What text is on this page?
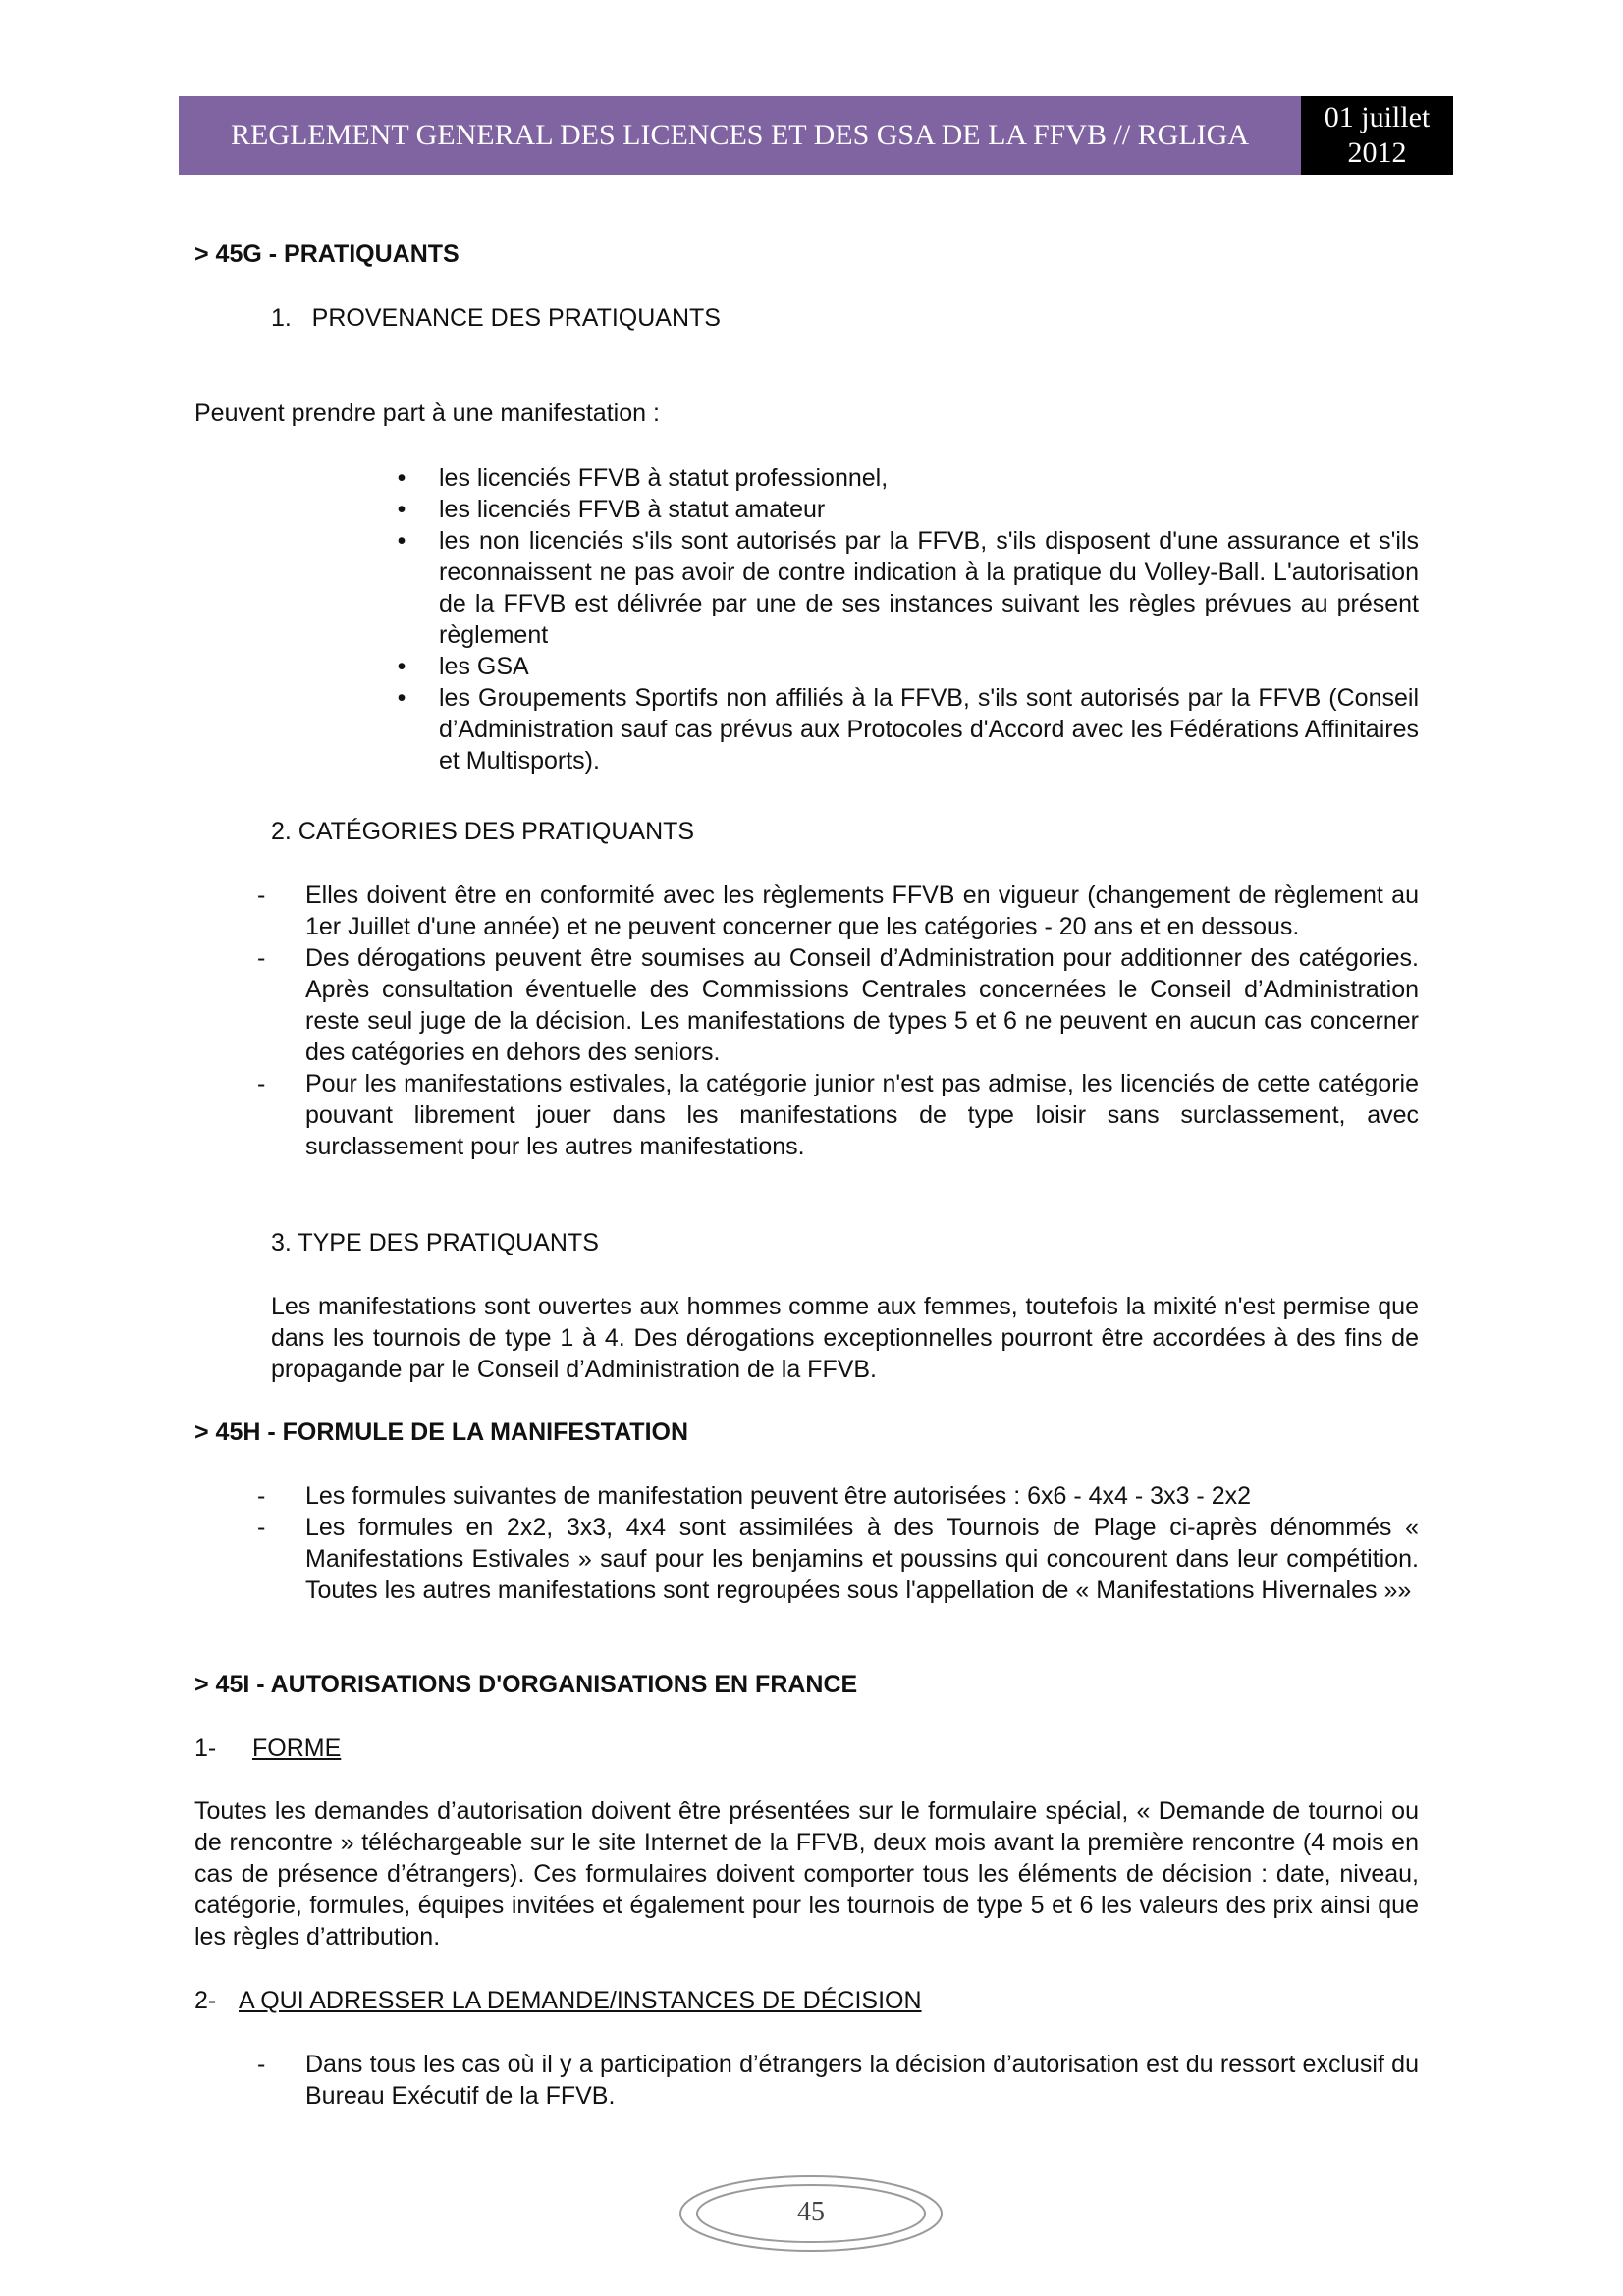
REGLEMENT GENERAL DES LICENCES ET DES GSA DE LA FFVB // RGLIGA
01 juillet 2012
> 45G - PRATIQUANTS
1.   PROVENANCE DES PRATIQUANTS
Peuvent prendre part à une manifestation :
• les licenciés FFVB à statut professionnel,
• les licenciés FFVB à statut amateur
• les non licenciés s'ils sont autorisés par la FFVB, s'ils disposent d'une assurance et s'ils reconnaissent ne pas avoir de contre indication à la pratique du Volley-Ball. L'autorisation de la FFVB est délivrée par une de ses instances suivant les règles prévues au présent règlement
• les GSA
• les Groupements Sportifs non affiliés à la FFVB, s'ils sont autorisés par la FFVB (Conseil d’Administration sauf cas prévus aux Protocoles d'Accord avec les Fédérations Affinitaires et Multisports).
2. CATÉGORIES DES PRATIQUANTS
- Elles doivent être en conformité avec les règlements FFVB en vigueur (changement de règlement au 1er Juillet d'une année) et ne peuvent concerner que les catégories - 20 ans et en dessous.
- Des dérogations peuvent être soumises au Conseil d’Administration pour additionner des catégories. Après consultation éventuelle des Commissions Centrales concernées le Conseil d’Administration reste seul juge de la décision. Les manifestations de types 5 et 6 ne peuvent en aucun cas concerner des catégories en dehors des seniors.
- Pour les manifestations estivales, la catégorie junior n'est pas admise, les licenciés de cette catégorie pouvant librement jouer dans les manifestations de type loisir sans surclassement, avec surclassement pour les autres manifestations.
3. TYPE DES PRATIQUANTS
Les manifestations sont ouvertes aux hommes comme aux femmes, toutefois la mixité n'est permise que dans les tournois de type 1 à 4. Des dérogations exceptionnelles pourront être accordées à des fins de propagande par le Conseil d’Administration de la FFVB.
> 45H - FORMULE DE LA MANIFESTATION
- Les formules suivantes de manifestation peuvent être autorisées : 6x6 - 4x4 - 3x3 - 2x2
- Les formules en 2x2, 3x3, 4x4 sont assimilées à des Tournois de Plage ci-après dénommés « Manifestations Estivales » sauf pour les benjamins et poussins qui concourent dans leur compétition. Toutes les autres manifestations sont regroupées sous l'appellation de « Manifestations Hivernales »»
> 45I - AUTORISATIONS D'ORGANISATIONS EN FRANCE
1- FORME
Toutes les demandes d’autorisation doivent être présentées sur le formulaire spécial, « Demande de tournoi ou de rencontre » téléchargeable sur le site Internet de la FFVB, deux mois avant la première rencontre (4 mois en cas de présence d’étrangers). Ces formulaires doivent comporter tous les éléments de décision : date, niveau, catégorie, formules, équipes invitées et également pour les tournois de type 5 et 6 les valeurs des prix ainsi que les règles d’attribution.
2- A QUI ADRESSER LA DEMANDE/INSTANCES DE DÉCISION
- Dans tous les cas où il y a participation d’étrangers la décision d’autorisation est du ressort exclusif du Bureau Exécutif de la FFVB.
45
